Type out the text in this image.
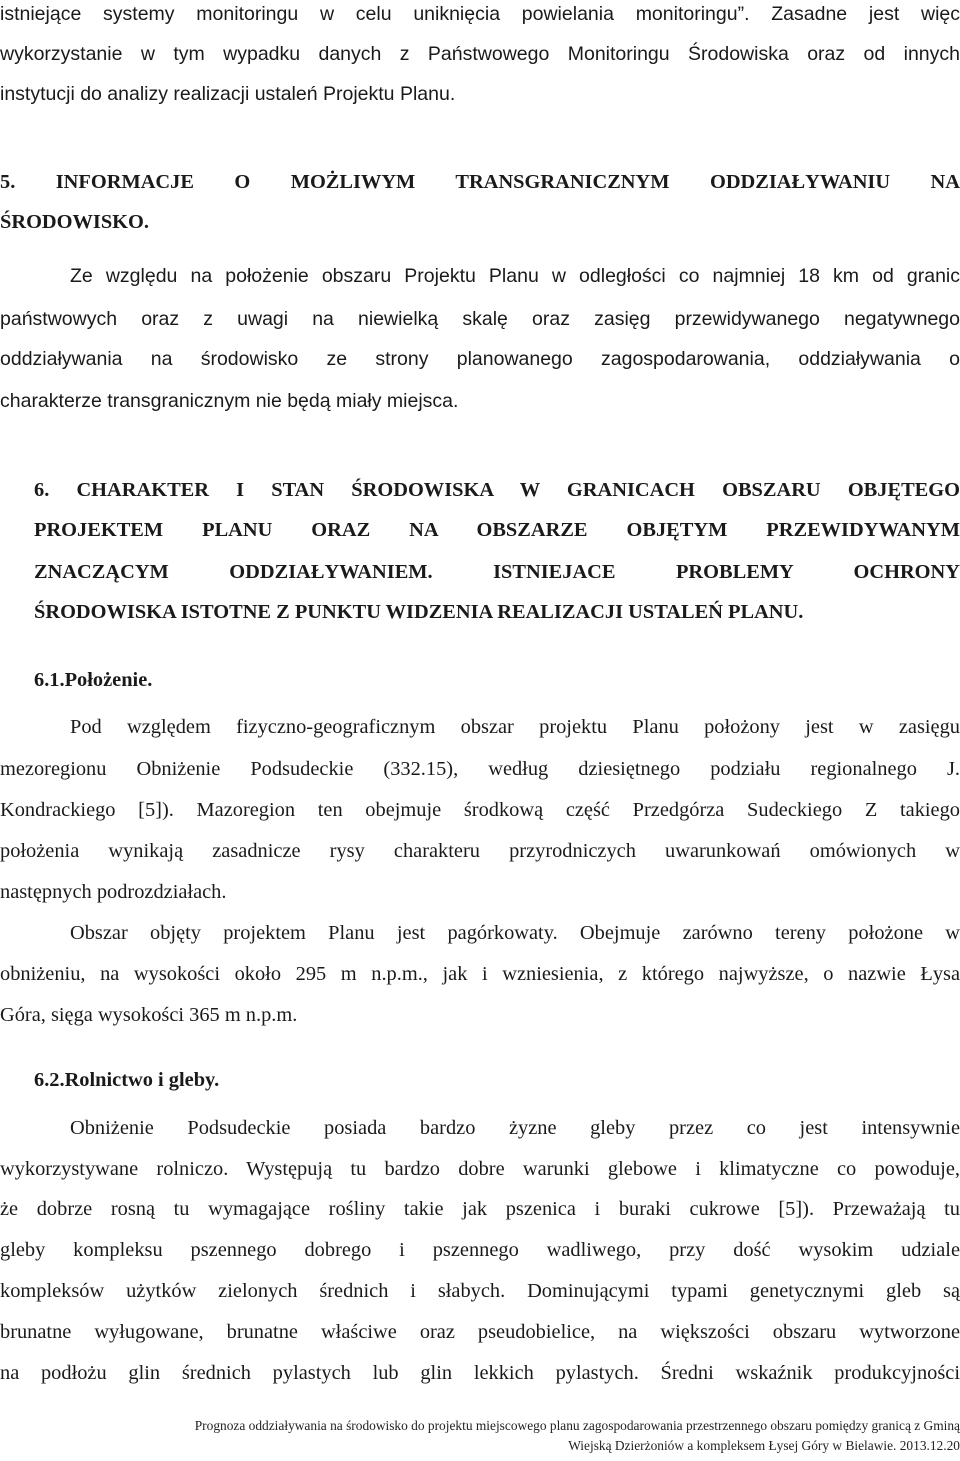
istniejące systemy monitoringu w celu uniknięcia powielania monitoringu”. Zasadne jest więc
wykorzystanie w tym wypadku danych z Państwowego Monitoringu Środowiska oraz od innych
instytucji do analizy realizacji ustaleń Projektu Planu.
5. INFORMACJE O MOŻLIWYM TRANSGRANICZNYM ODDZIAŁYWANIU NA
ŚRODOWISKO.
Ze względu na położenie obszaru Projektu Planu w odległości co najmniej 18 km od granic
państwowych oraz z uwagi na niewielką skalę oraz zasięg przewidywanego negatywnego
oddziaływania na środowisko ze strony planowanego zagospodarowania, oddziaływania o
charakterze transgranicznym nie będą miały miejsca.
6. CHARAKTER I STAN ŚRODOWISKA W GRANICACH OBSZARU OBJĘTEGO
PROJEKTEM PLANU ORAZ NA OBSZARZE OBJĘTYM PRZEWIDYWANYM
ZNACZĄCYM ODDZIAŁYWANIEM. ISTNIEJACE PROBLEMY OCHRONY
ŚRODOWISKA ISTOTNE Z PUNKTU WIDZENIA REALIZACJI USTALEŃ PLANU.
6.1.Położenie.
Pod względem fizyczno-geograficznym obszar projektu Planu położony jest w zasięgu
mezoregionu Obniżenie Podsudeckie (332.15), według dziesiętnego podziału regionalnego J.
Kondrackiego [5]). Mazoregion ten obejmuje środkową część Przedgórza Sudeckiego Z takiego
położenia wynikają zasadnicze rysy charakteru przyrodniczych uwarunkowań omówionych w
następnych podrozdziałach.
Obszar objęty projektem Planu jest pagórkowaty. Obejmuje zarówno tereny położone w
obniżeniu, na wysokości około 295 m n.p.m., jak i wzniesienia, z którego najwyższe, o nazwie Łysa
Góra, sięga wysokości 365 m n.p.m.
6.2.Rolnictwo i gleby.
Obniżenie Podsudeckie posiada bardzo żyzne gleby przez co jest intensywnie
wykorzystywane rolniczo. Występują tu bardzo dobre warunki glebowe i klimatyczne co powoduje,
że dobrze rosną tu wymagające rośliny takie jak pszenica i buraki cukrowe [5]). Przeważają tu
gleby kompleksu pszennego dobrego i pszennego wadliwego, przy dość wysokim udziale
kompleksów użytków zielonych średnich i słabych. Dominującymi typami genetycznymi gleb są
brunatne wyługowane, brunatne właściwe oraz pseudobielice, na większości obszaru wytworzone
na podłożu glin średnich pylastych lub glin lekkich pylastych. Średni wskaźnik produkcyjności
Prognoza oddziaływania na środowisko do projektu miejscowego planu zagospodarowania przestrzennego obszaru pomiędzy granicą z Gminą
Wiejską Dzierżoniów a kompleksem Łysej Góry w Bielawie. 2013.12.20
